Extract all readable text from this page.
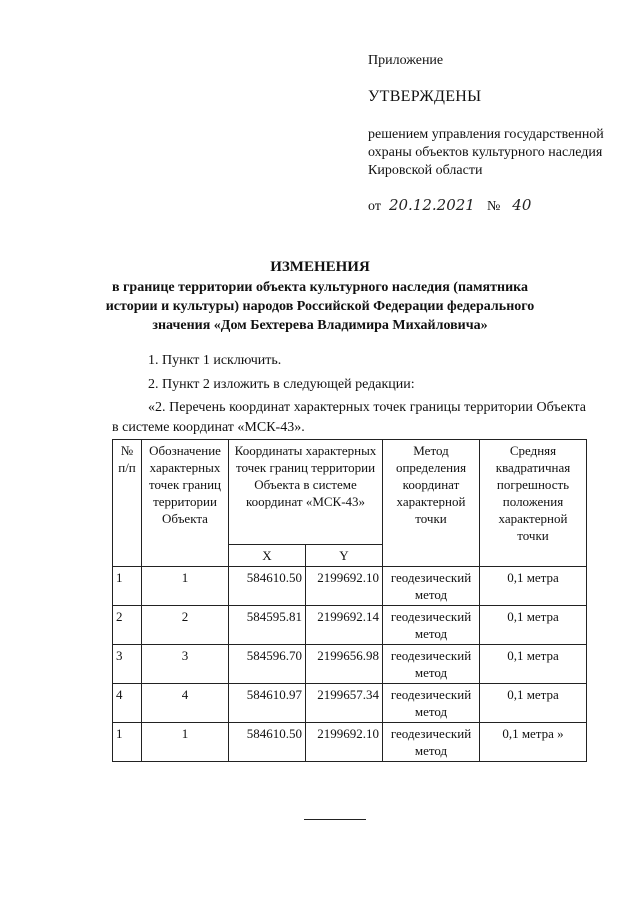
Приложение
УТВЕРЖДЕНЫ
решением управления государственной охраны объектов культурного наследия Кировской области
от 20.12.2021 № 40
ИЗМЕНЕНИЯ
в границе территории объекта культурного наследия (памятника истории и культуры) народов Российской Федерации федерального значения «Дом Бехтерева Владимира Михайловича»
1. Пункт 1 исключить.
2. Пункт 2 изложить в следующей редакции:
«2. Перечень координат характерных точек границы территории Объекта в системе координат «МСК-43».
№ п/п	Обозначение характерных точек границ территории Объекта	Координаты характерных точек границ территории Объекта в системе координат «МСК-43»		Метод определения координат характерной точки	Средняя квадратичная погрешность положения характерной точки
		X	Y		
1	1	584610.50	2199692.10	геодезический метод	0,1 метра
2	2	584595.81	2199692.14	геодезический метод	0,1 метра
3	3	584596.70	2199656.98	геодезический метод	0,1 метра
4	4	584610.97	2199657.34	геодезический метод	0,1 метра
1	1	584610.50	2199692.10	геодезический метод	0,1 метра »
